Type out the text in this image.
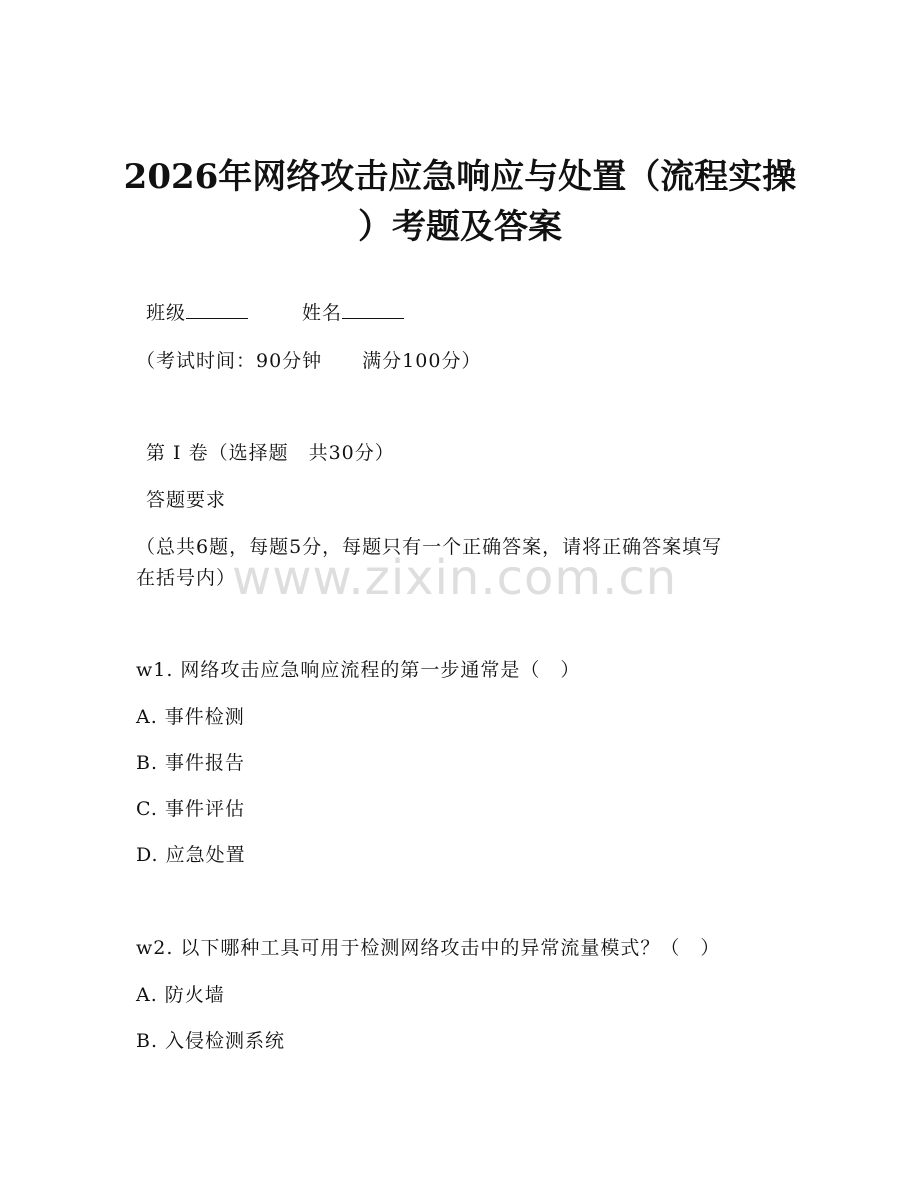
2026年网络攻击应急响应与处置（流程实操
）考题及答案
班级	姓名
（考试时间：90分钟　　满分100分）
第 I 卷（选择题　共30分）
答题要求
（总共6题，每题5分，每题只有一个正确答案，请将正确答案填写
在括号内）
www.zixin.com.cn
w1. 网络攻击应急响应流程的第一步通常是（　）
A. 事件检测
B. 事件报告
C. 事件评估
D. 应急处置
w2. 以下哪种工具可用于检测网络攻击中的异常流量模式？（　）
A. 防火墙
B. 入侵检测系统
